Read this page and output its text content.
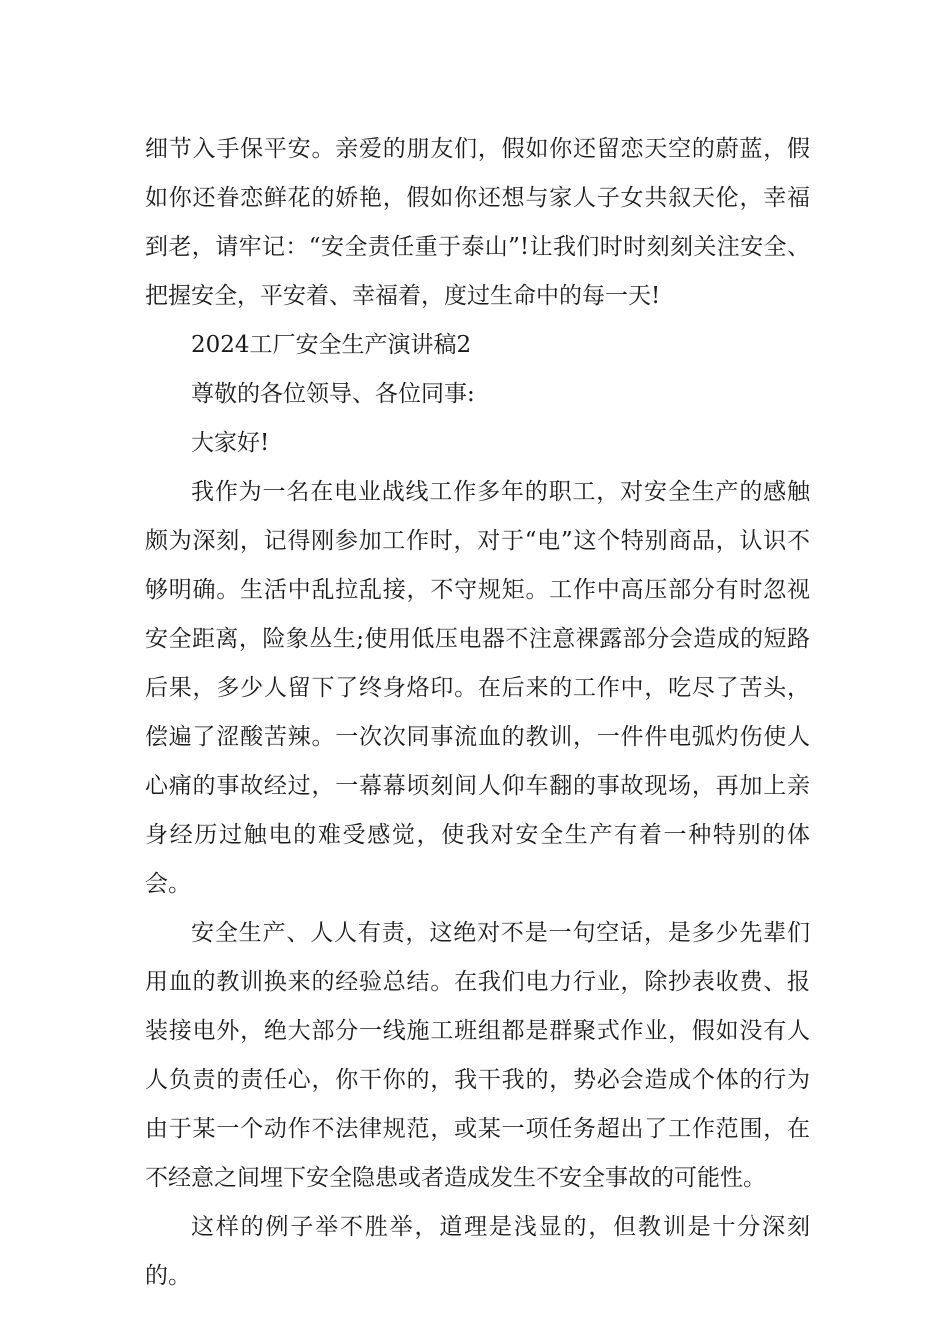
细节入手保平安。亲爱的朋友们，假如你还留恋天空的蔚蓝，假如你还眷恋鲜花的娇艳，假如你还想与家人子女共叙天伦，幸福到老，请牢记：“安全责任重于泰山”!让我们时时刻刻关注安全、把握安全，平安着、幸福着，度过生命中的每一天!

2024工厂安全生产演讲稿2

尊敬的各位领导、各位同事:

大家好!

我作为一名在电业战线工作多年的职工，对安全生产的感触颇为深刻，记得刚参加工作时，对于“电”这个特别商品，认识不够明确。生活中乱拉乱接，不守规矩。工作中高压部分有时忽视安全距离，险象丛生;使用低压电器不注意裸露部分会造成的短路后果，多少人留下了终身烙印。在后来的工作中，吃尽了苦头，偿遍了涩酸苦辣。一次次同事流血的教训，一件件电弧灼伤使人心痛的事故经过，一幕幕顷刻间人仰车翻的事故现场，再加上亲身经历过触电的难受感觉，使我对安全生产有着一种特别的体会。

安全生产、人人有责，这绝对不是一句空话，是多少先辈们用血的教训换来的经验总结。在我们电力行业，除抄表收费、报装接电外，绝大部分一线施工班组都是群聚式作业，假如没有人人负责的责任心，你干你的，我干我的，势必会造成个体的行为由于某一个动作不法律规范，或某一项任务超出了工作范围，在不经意之间埋下安全隐患或者造成发生不安全事故的可能性。

这样的例子举不胜举，道理是浅显的，但教训是十分深刻的。
